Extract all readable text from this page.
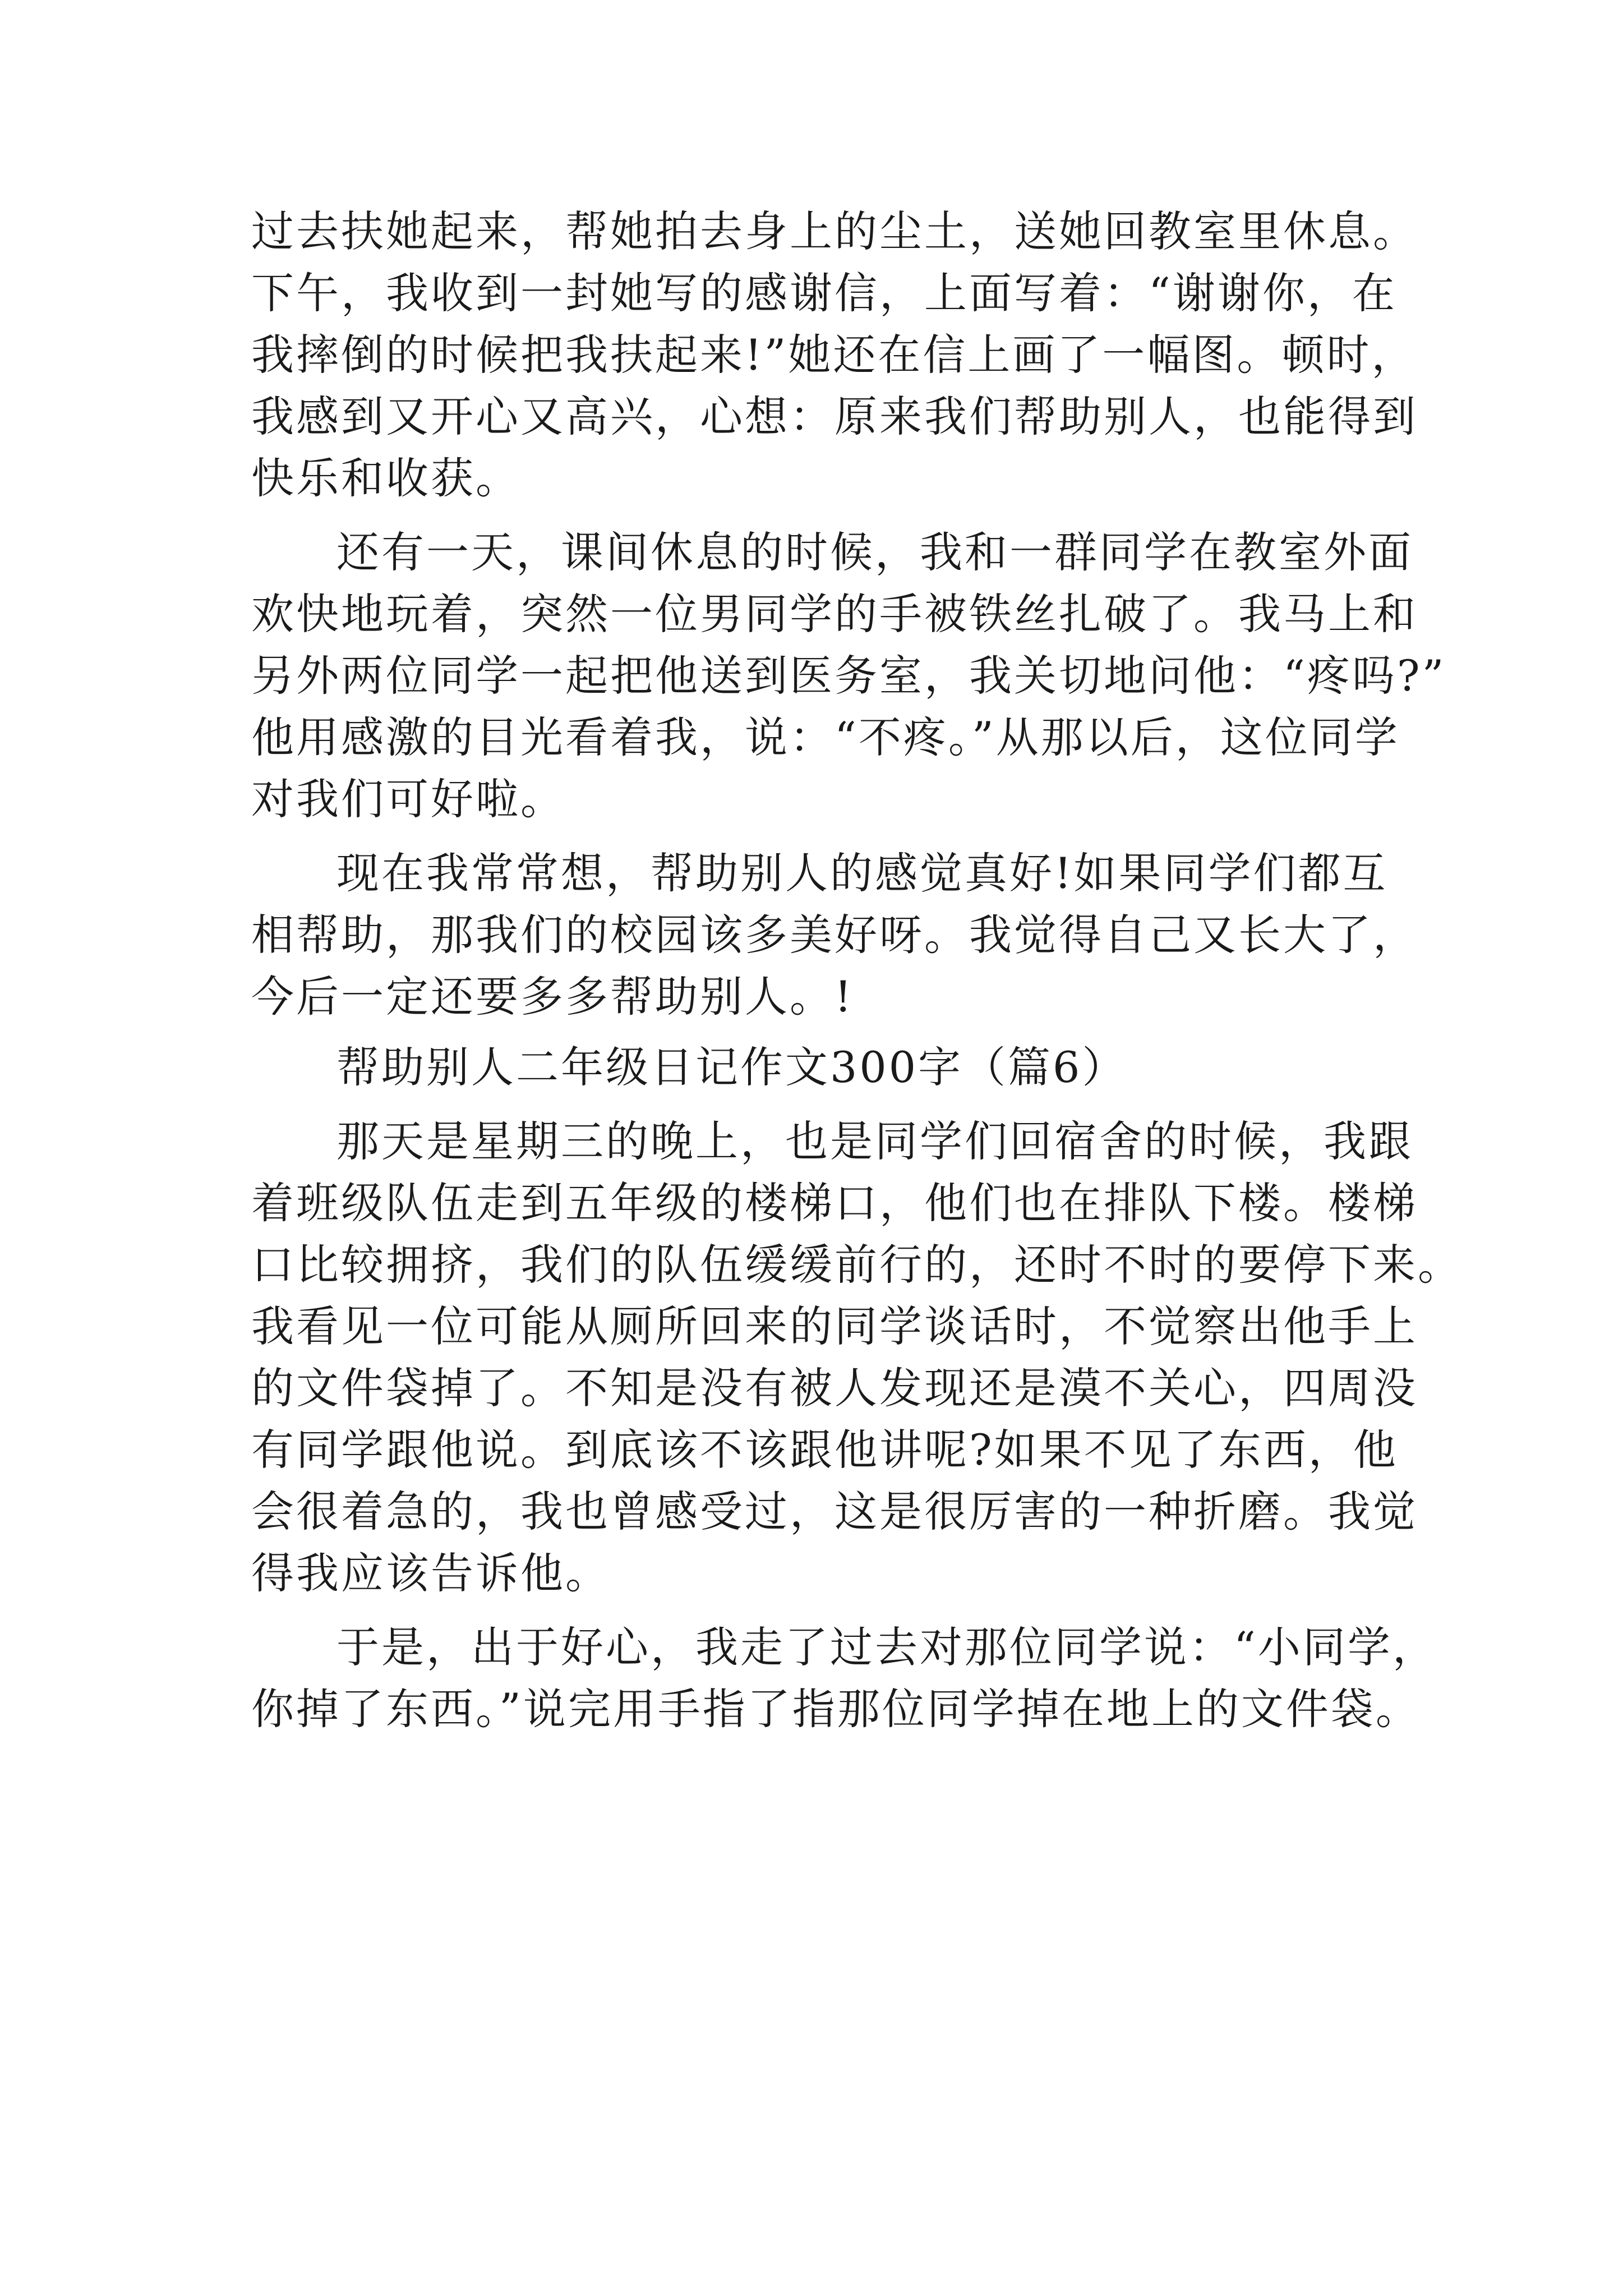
过去扶她起来，帮她拍去身上的尘土，送她回教室里休息。
下午，我收到一封她写的感谢信，上面写着：“谢谢你，在
我摔倒的时候把我扶起来!”她还在信上画了一幅图。顿时，
我感到又开心又高兴，心想：原来我们帮助别人，也能得到
快乐和收获。
还有一天，课间休息的时候，我和一群同学在教室外面
欢快地玩着，突然一位男同学的手被铁丝扎破了。我马上和
另外两位同学一起把他送到医务室，我关切地问他：“疼吗?”
他用感激的目光看着我，说：“不疼。”从那以后，这位同学
对我们可好啦。
现在我常常想，帮助别人的感觉真好!如果同学们都互
相帮助，那我们的校园该多美好呀。我觉得自己又长大了，
今后一定还要多多帮助别人。!
帮助别人二年级日记作文300字（篇6）
那天是星期三的晚上，也是同学们回宿舍的时候，我跟
着班级队伍走到五年级的楼梯口，他们也在排队下楼。楼梯
口比较拥挤，我们的队伍缓缓前行的，还时不时的要停下来。
我看见一位可能从厕所回来的同学谈话时，不觉察出他手上
的文件袋掉了。不知是没有被人发现还是漠不关心，四周没
有同学跟他说。到底该不该跟他讲呢?如果不见了东西，他
会很着急的，我也曾感受过，这是很厉害的一种折磨。我觉
得我应该告诉他。
于是，出于好心，我走了过去对那位同学说：“小同学，
你掉了东西。”说完用手指了指那位同学掉在地上的文件袋。
